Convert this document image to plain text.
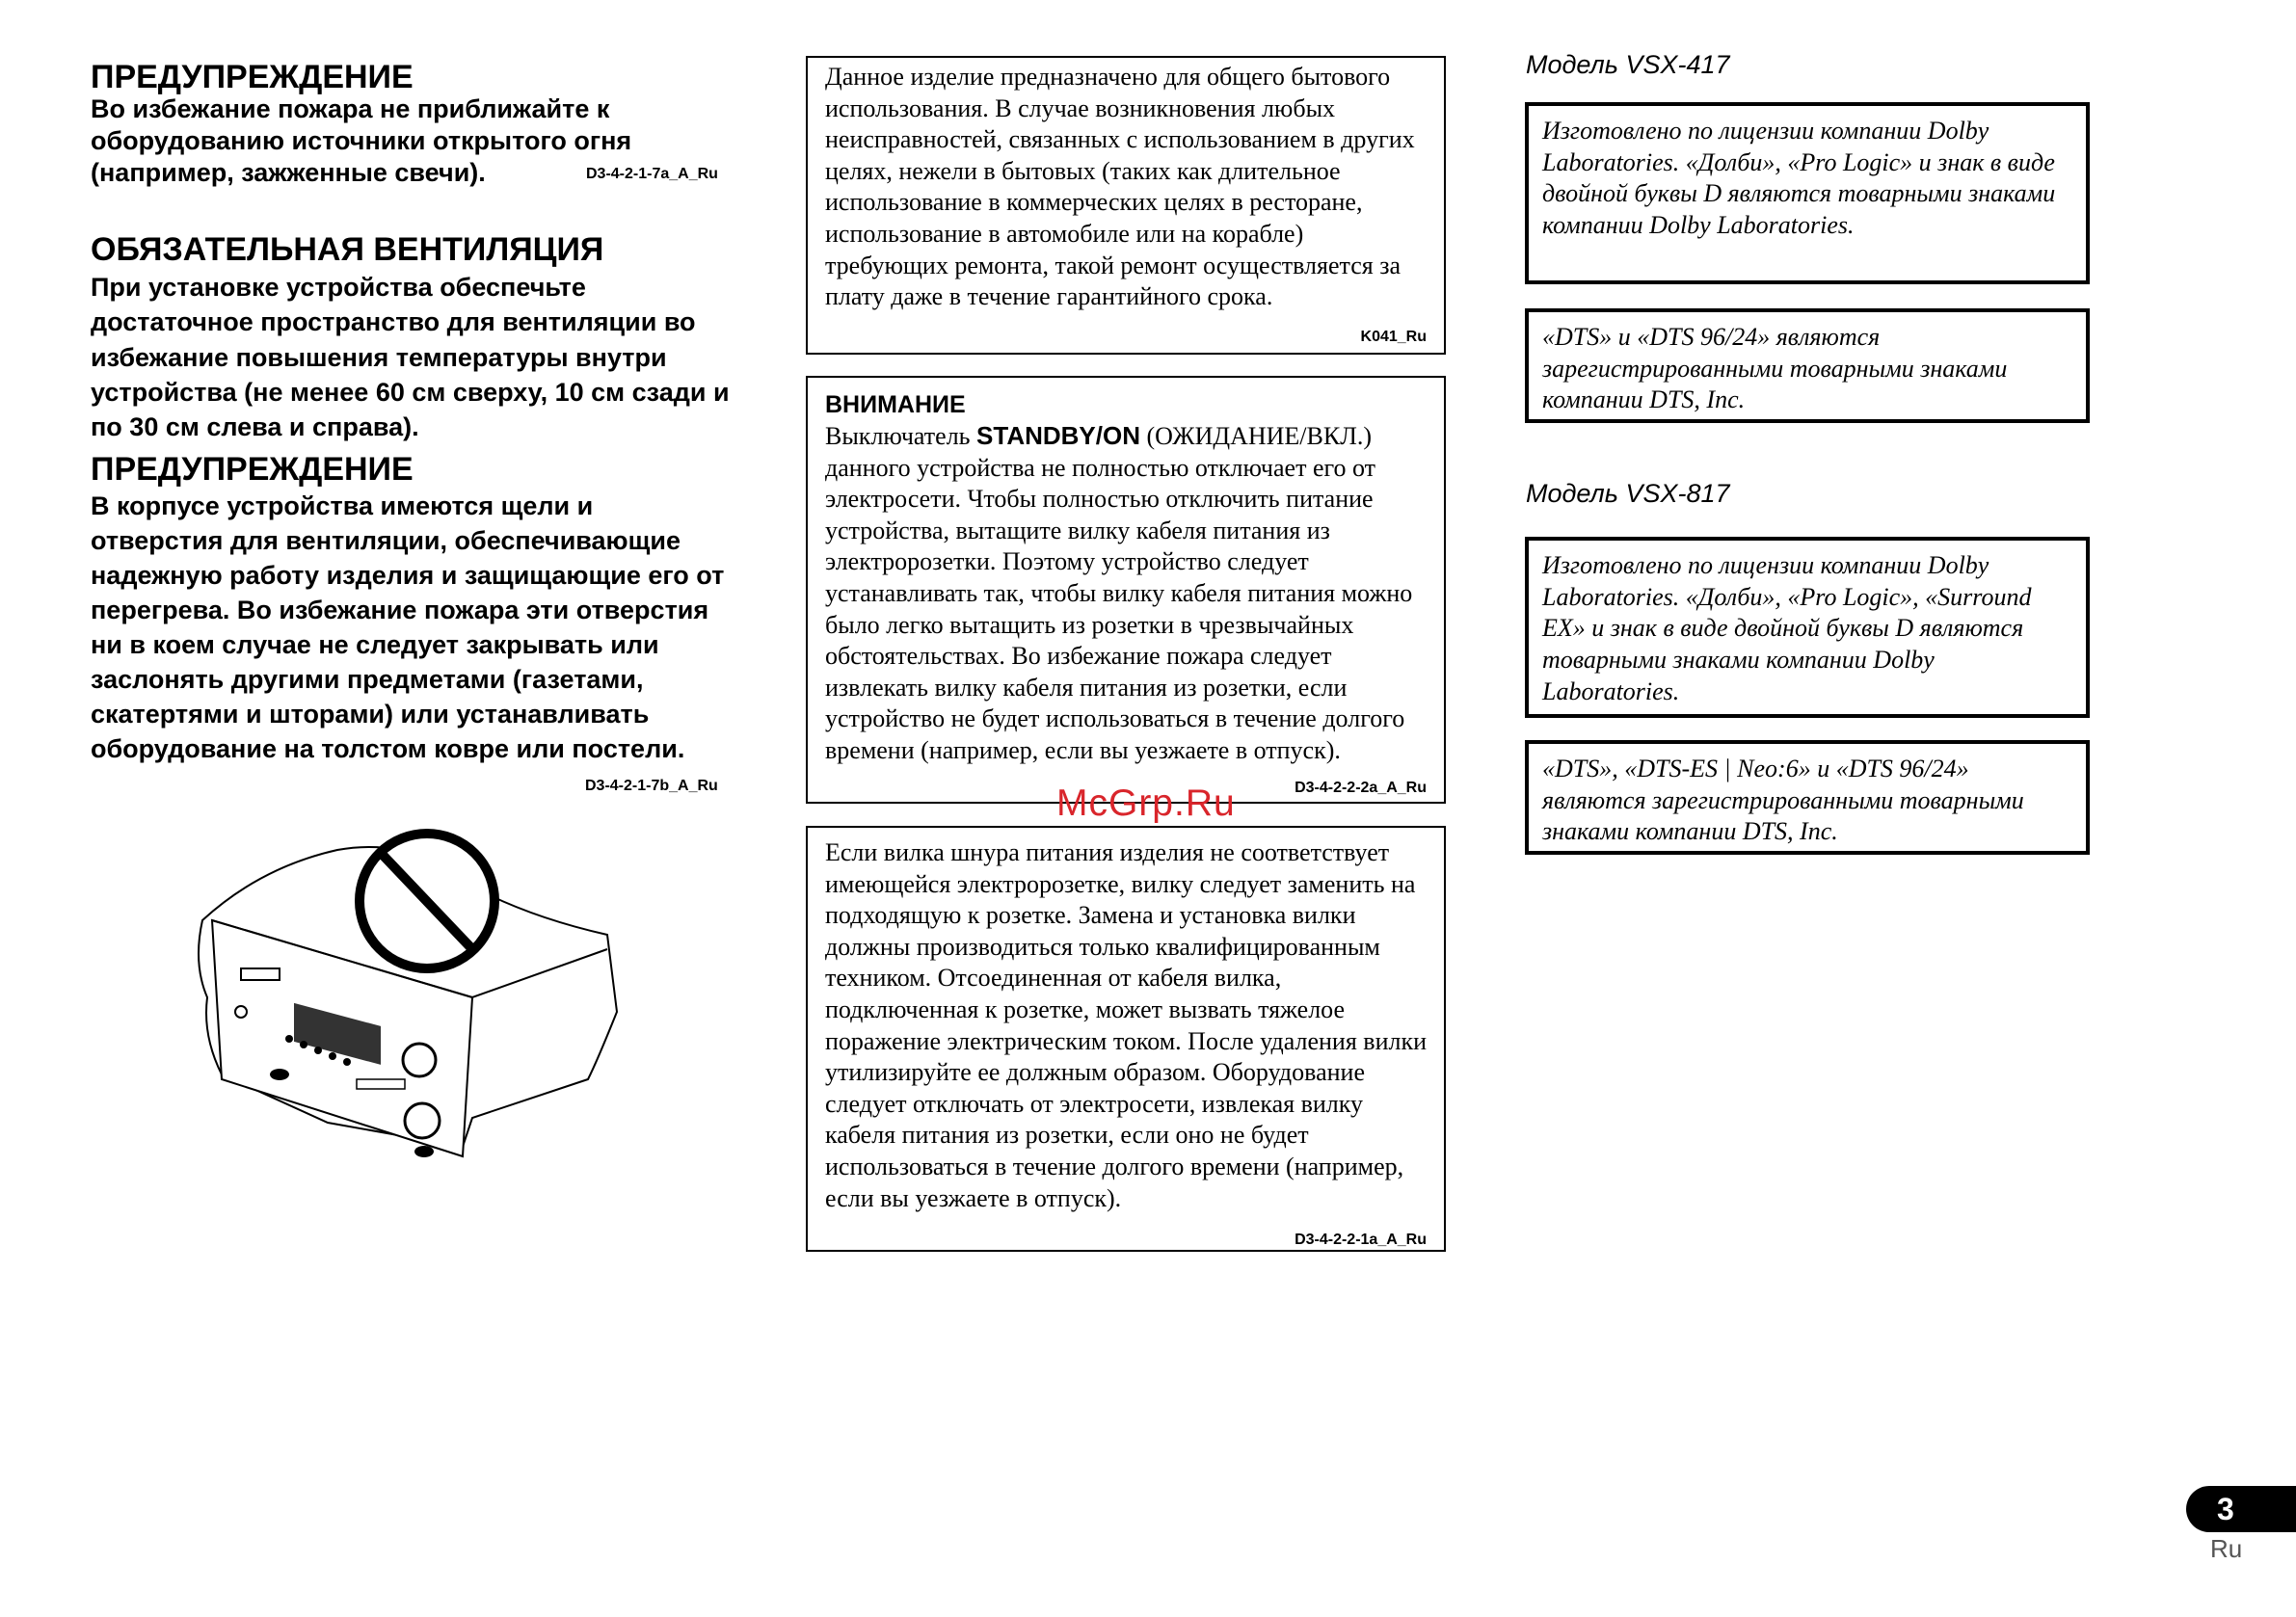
ПРЕДУПРЕЖДЕНИЕ

Во избежание пожара не приближайте к оборудованию источники открытого огня (например, зажженные свечи).	D3-4-2-1-7a_A_Ru
ОБЯЗАТЕЛЬНАЯ ВЕНТИЛЯЦИЯ

При установке устройства обеспечьте достаточное пространство для вентиляции во избежание повышения температуры внутри устройства (не менее 60 см сверху, 10 см сзади и по 30 см слева и справа).

ПРЕДУПРЕЖДЕНИЕ

В корпусе устройства имеются щели и отверстия для вентиляции, обеспечивающие надежную работу изделия и защищающие его от перегрева. Во избежание пожара эти отверстия ни в коем случае не следует закрывать или заслонять другими предметами (газетами, скатертями и шторами) или устанавливать оборудование на толстом ковре или постели.

D3-4-2-1-7b_A_Ru

Данное изделие предназначено для общего бытового использования. В случае возникновения любых неисправностей, связанных с использованием в других целях, нежели в бытовых (таких как длительное использование в коммерческих целях в ресторане, использование в автомобиле или на корабле) требующих ремонта, такой ремонт осуществляется за плату даже в течение гарантийного срока.

K041_Ru

ВНИМАНИЕ

Выключатель STANDBY/ON (ОЖИДАНИЕ/ВКЛ.) данного устройства не полностью отключает его от электросети. Чтобы полностью отключить питание устройства, вытащите вилку кабеля питания из электророзетки. Поэтому устройство следует устанавливать так, чтобы вилку кабеля питания можно было легко вытащить из розетки в чрезвычайных обстоятельствах. Во избежание пожара следует извлекать вилку кабеля питания из розетки, если устройство не будет использоваться в течение долгого времени (например, если вы уезжаете в отпуск).

D3-4-2-2-2a_A_Ru

Если вилка шнура питания изделия не соответствует имеющейся электророзетке, вилку следует заменить на подходящую к розетке. Замена и установка вилки должны производиться только квалифицированным техником. Отсоединенная от кабеля вилка, подключенная к розетке, может вызвать тяжелое поражение электрическим током. После удаления вилки утилизируйте ее должным образом. Оборудование следует отключать от электросети, извлекая вилку кабеля питания из розетки, если оно не будет использоваться в течение долгого времени (например, если вы уезжаете в отпуск).

D3-4-2-2-1a_A_Ru
McGrp.Ru

Модель VSX-417

Изготовлено по лицензии компании Dolby Laboratories. «Долби», «Pro Logic» и знак в виде двойной буквы D являются товарными знаками компании Dolby Laboratories.

«DTS» и «DTS 96/24» являются зарегистрированными товарными знаками компании DTS, Inc.

Модель VSX-817

Изготовлено по лицензии компании Dolby Laboratories. «Долби», «Pro Logic», «Surround EX» и знак в виде двойной буквы D являются товарными знаками компании Dolby Laboratories.

«DTS», «DTS-ES | Neo:6» и «DTS 96/24» являются зарегистрированными товарными знаками компании DTS, Inc.

3
Ru
